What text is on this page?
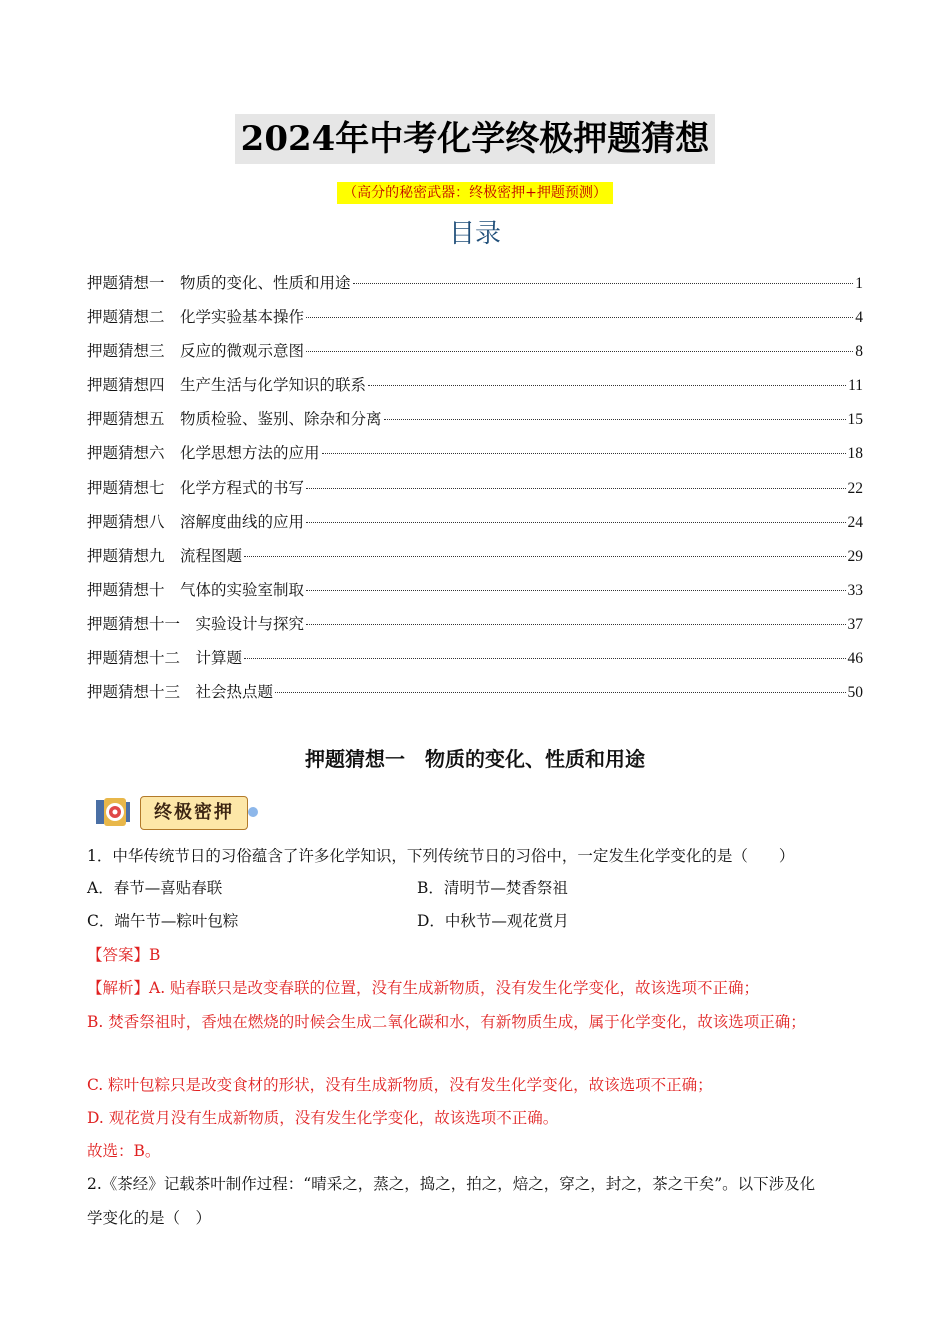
2024年中考化学终极押题猜想
（高分的秘密武器：终极密押+押题预测）
目录
押题猜想一　物质的变化、性质和用途	1
押题猜想二　化学实验基本操作	4
押题猜想三　反应的微观示意图	8
押题猜想四　生产生活与化学知识的联系	11
押题猜想五　物质检验、鉴别、除杂和分离	15
押题猜想六　化学思想方法的应用	18
押题猜想七　化学方程式的书写	22
押题猜想八　溶解度曲线的应用	24
押题猜想九　流程图题	29
押题猜想十　气体的实验室制取	33
押题猜想十一　实验设计与探究	37
押题猜想十二　计算题	46
押题猜想十三　社会热点题	50
押题猜想一　物质的变化、性质和用途
终极密押
1．中华传统节日的习俗蕴含了许多化学知识，下列传统节日的习俗中，一定发生化学变化的是（　　）
A．春节—喜贴春联	B．清明节—焚香祭祖
C．端午节—粽叶包粽	D．中秋节—观花赏月
【答案】B
【解析】A. 贴春联只是改变春联的位置，没有生成新物质，没有发生化学变化，故该选项不正确；
B. 焚香祭祖时，香烛在燃烧的时候会生成二氧化碳和水，有新物质生成，属于化学变化，故该选项正确；
C. 粽叶包粽只是改变食材的形状，没有生成新物质，没有发生化学变化，故该选项不正确；
D. 观花赏月没有生成新物质，没有发生化学变化，故该选项不正确。
故选：B。
2.《茶经》记载茶叶制作过程：“晴采之，蒸之，捣之，拍之，焙之，穿之，封之，茶之干矣”。以下涉及化
学变化的是（　）
